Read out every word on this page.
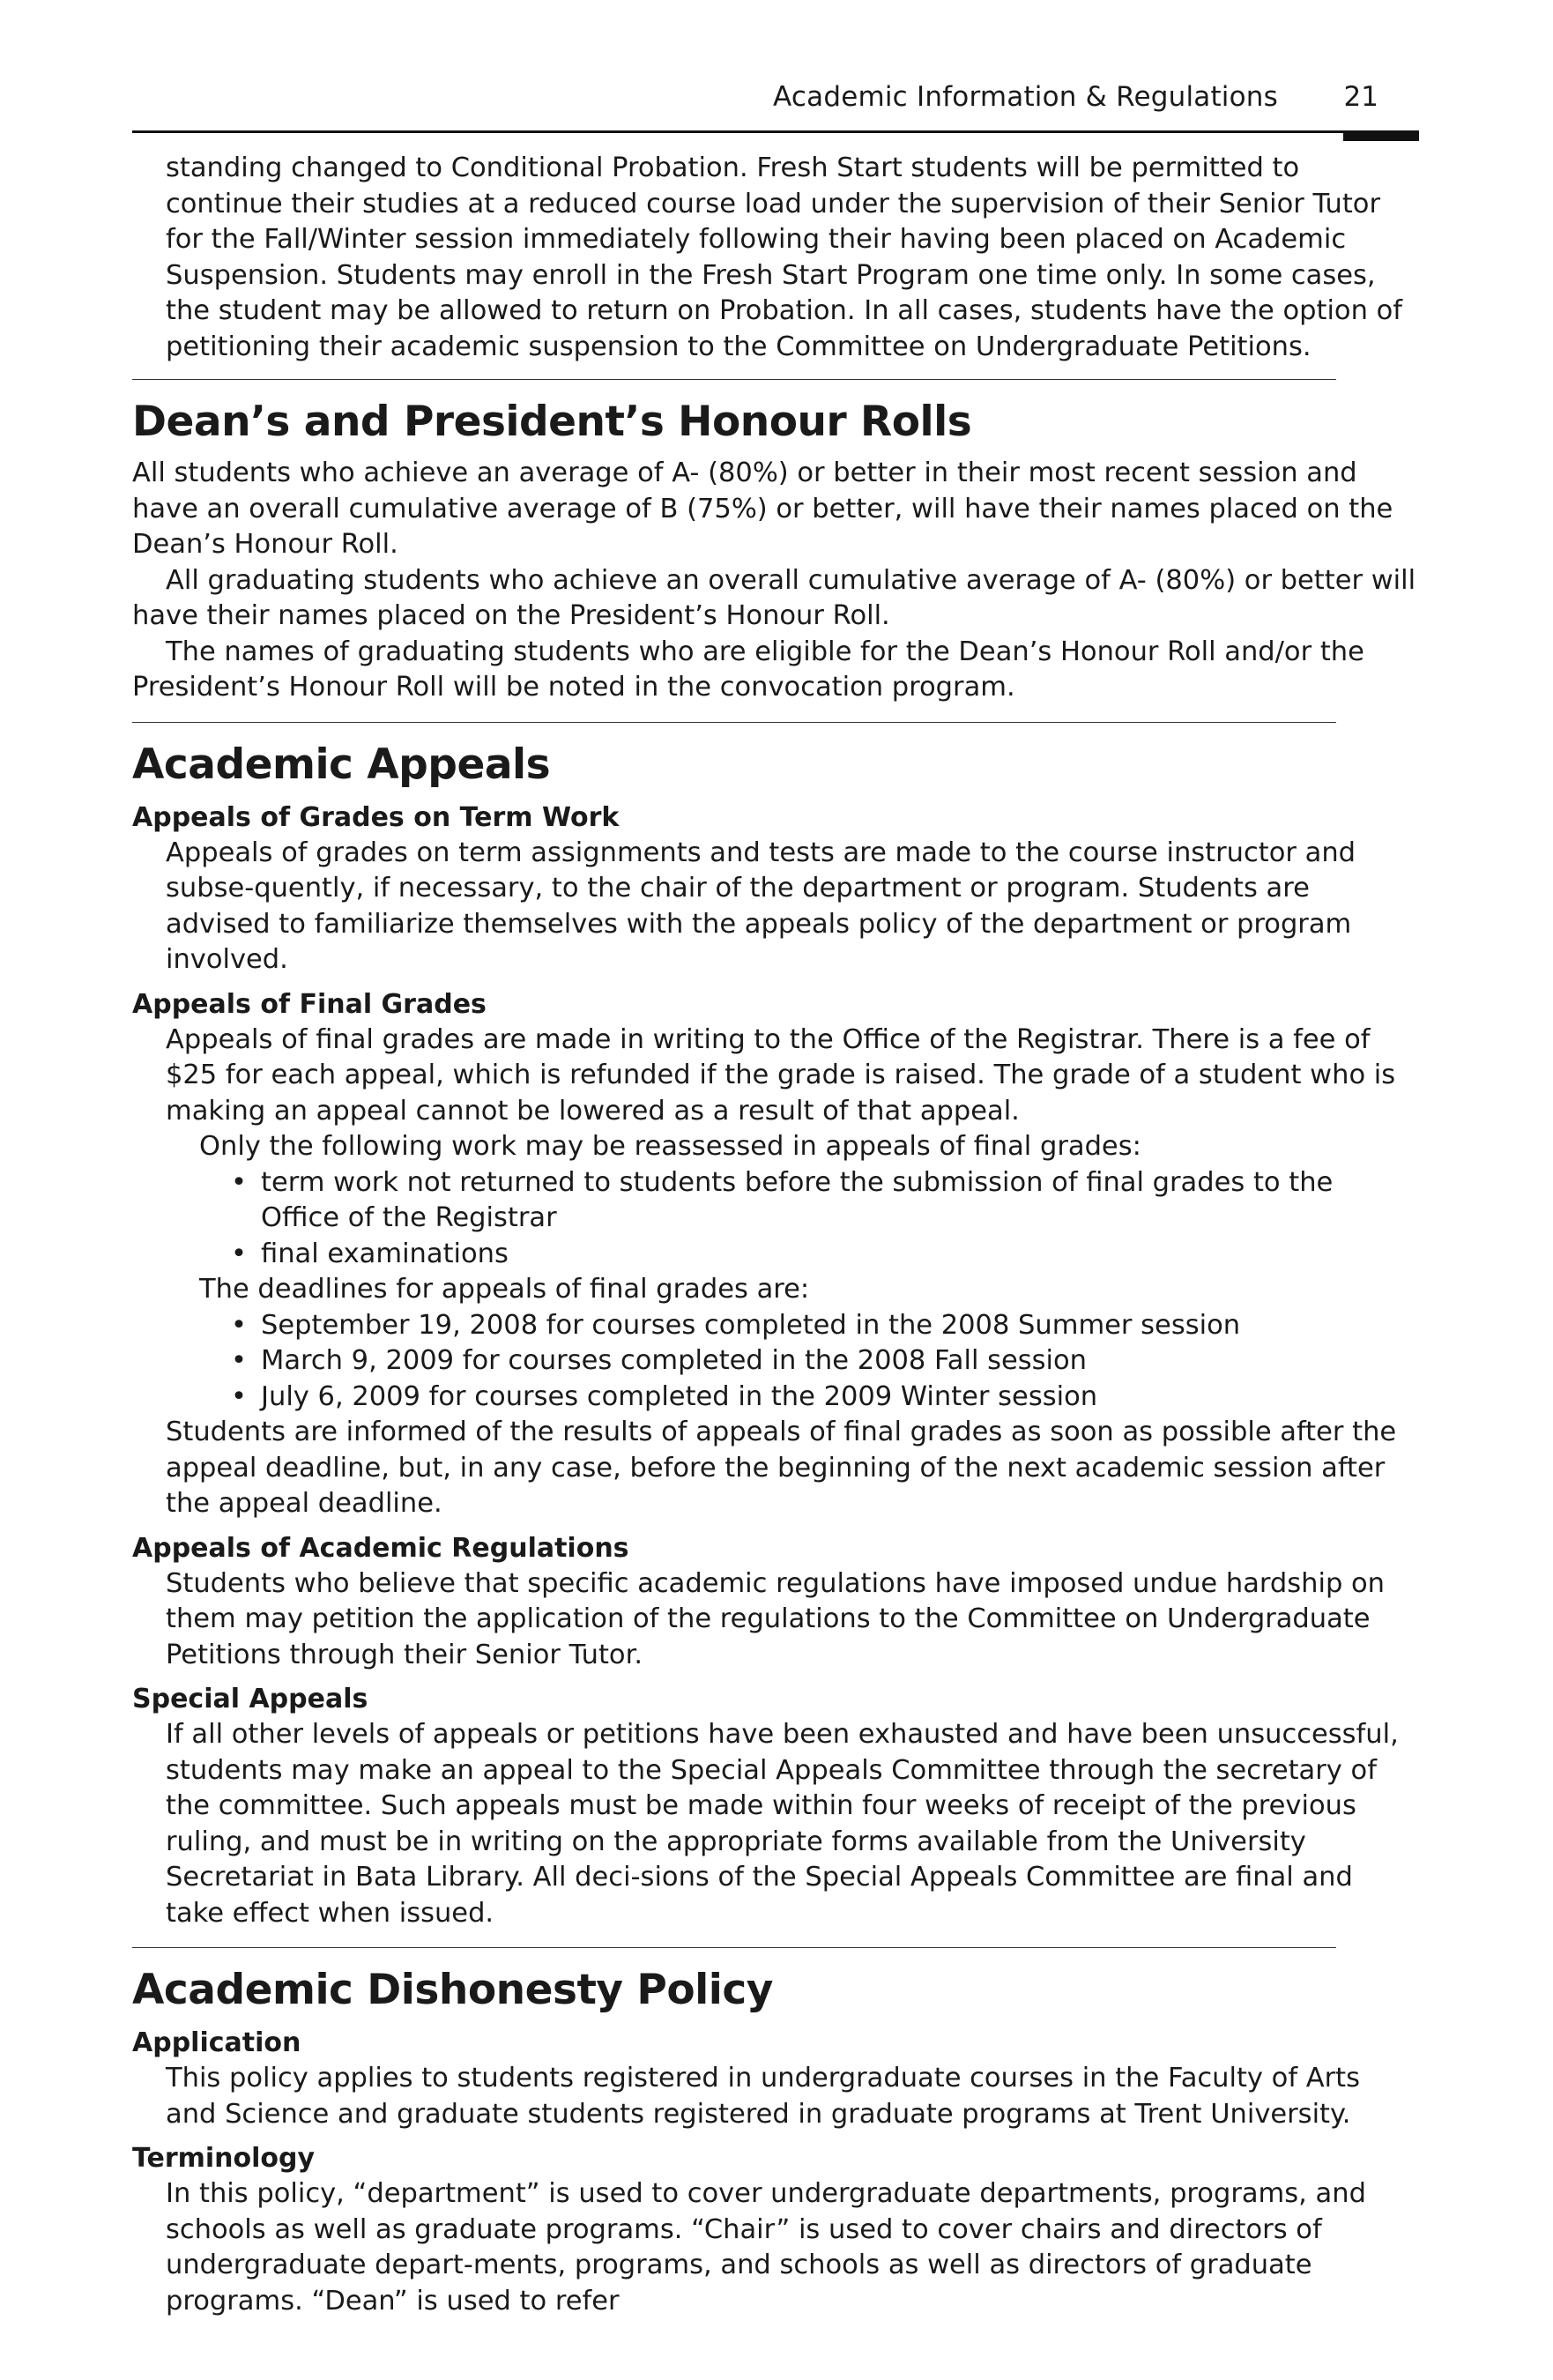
Academic Information & Regulations 21

standing changed to Conditional Probation. Fresh Start students will be permitted to continue their studies at a reduced course load under the supervision of their Senior Tutor for the Fall/Winter session immediately following their having been placed on Academic Suspension. Students may enroll in the Fresh Start Program one time only. In some cases, the student may be allowed to return on Probation. In all cases, students have the option of petitioning their academic suspension to the Committee on Undergraduate Petitions.

Dean’s and President’s Honour Rolls

All students who achieve an average of A- (80%) or better in their most recent session and have an overall cumulative average of B (75%) or better, will have their names placed on the Dean’s Honour Roll.

All graduating students who achieve an overall cumulative average of A- (80%) or better will have their names placed on the President’s Honour Roll.

The names of graduating students who are eligible for the Dean’s Honour Roll and/or the President’s Honour Roll will be noted in the convocation program.

Academic Appeals
Appeals of Grades on Term Work

Appeals of grades on term assignments and tests are made to the course instructor and subse-quently, if necessary, to the chair of the department or program. Students are advised to familiarize themselves with the appeals policy of the department or program involved.

Appeals of Final Grades

Appeals of final grades are made in writing to the Office of the Registrar. There is a fee of $25 for each appeal, which is refunded if the grade is raised. The grade of a student who is making an appeal cannot be lowered as a result of that appeal.

Only the following work may be reassessed in appeals of final grades:

• term work not returned to students before the submission of final grades to the Office of the Registrar
• final examinations

The deadlines for appeals of final grades are:

• September 19, 2008 for courses completed in the 2008 Summer session
• March 9, 2009 for courses completed in the 2008 Fall session
• July 6, 2009 for courses completed in the 2009 Winter session

Students are informed of the results of appeals of final grades as soon as possible after the appeal deadline, but, in any case, before the beginning of the next academic session after the appeal deadline.

Appeals of Academic Regulations

Students who believe that specific academic regulations have imposed undue hardship on them may petition the application of the regulations to the Committee on Undergraduate Petitions through their Senior Tutor.

Special Appeals

If all other levels of appeals or petitions have been exhausted and have been unsuccessful, students may make an appeal to the Special Appeals Committee through the secretary of the committee. Such appeals must be made within four weeks of receipt of the previous ruling, and must be in writing on the appropriate forms available from the University Secretariat in Bata Library. All deci-sions of the Special Appeals Committee are final and take effect when issued.

Academic Dishonesty Policy
Application

This policy applies to students registered in undergraduate courses in the Faculty of Arts and Science and graduate students registered in graduate programs at Trent University.

Terminology

In this policy, “department” is used to cover undergraduate departments, programs, and schools as well as graduate programs. “Chair” is used to cover chairs and directors of undergraduate depart-ments, programs, and schools as well as directors of graduate programs. “Dean” is used to refer
